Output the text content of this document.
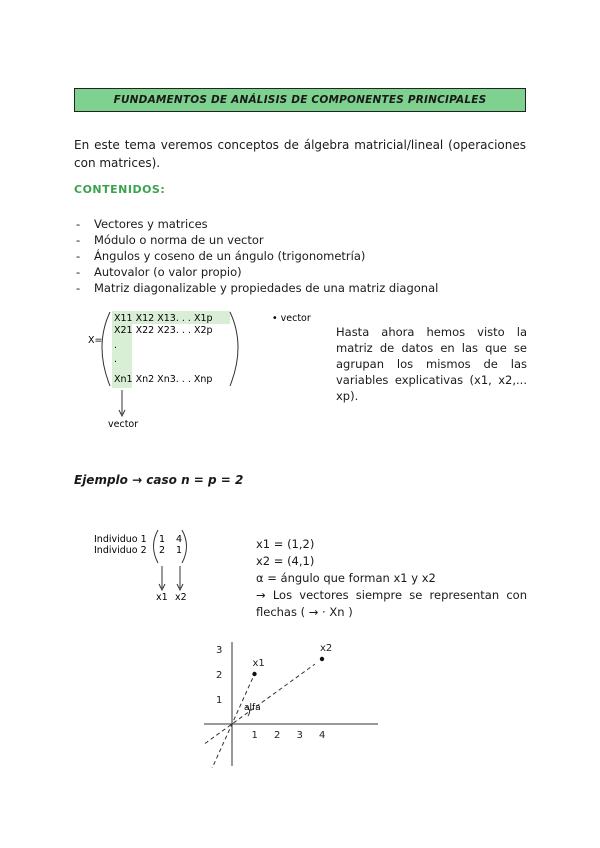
FUNDAMENTOS DE ANÁLISIS DE COMPONENTES PRINCIPALES
En este tema veremos conceptos de álgebra matricial/lineal (operaciones con matrices).
CONTENIDOS:
- Vectores y matrices
- Módulo o norma de un vector
- Ángulos y coseno de un ángulo (trigonometría)
- Autovalor (o valor propio)
- Matriz diagonalizable y propiedades de una matriz diagonal
X=
X11 X12 X13. . . X1p
X21 X22 X23. . . X2p
.
.
Xn1 Xn2 Xn3. . . Xnp
• vector
vector
Hasta ahora hemos visto la matriz de datos en las que se agrupan los mismos de las variables explicativas (x1, x2,... xp).
Ejemplo → caso n = p = 2
Individuo 1
Individuo 2
1
2
4
1
x1 x2
x1 = (1,2)
x2 = (4,1)
α = ángulo que forman x1 y x2
→ Los vectores siempre se representan con flechas ( → · Xn )
alfa
1 2 3 4
1
2
3
x1
x2
